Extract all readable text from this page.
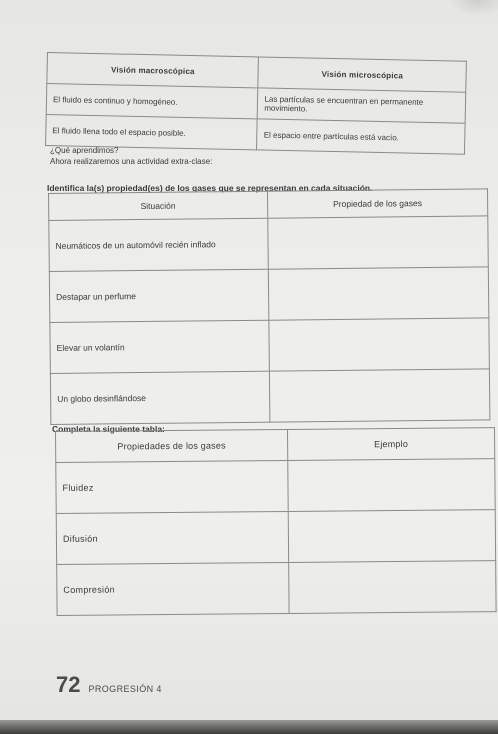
Visión macroscópica	Visión microscópica
El fluido es continuo y homogéneo.	Las partículas se encuentran en permanente movimiento.
El fluido llena todo el espacio posible.	El espacio entre partículas está vacío.
¿Qué aprendimos?
Ahora realizaremos una actividad extra-clase:
Identifica la(s) propiedad(es) de los gases que se representan en cada situación.
Situación	Propiedad de los gases
Neumáticos de un automóvil recién inflado	
Destapar un perfume	
Elevar un volantín	
Un globo desinflándose	
Completa la siguiente tabla:
Propiedades de los gases	Ejemplo
Fluidez	
Difusión	
Compresión	
72 PROGRESIÓN 4
